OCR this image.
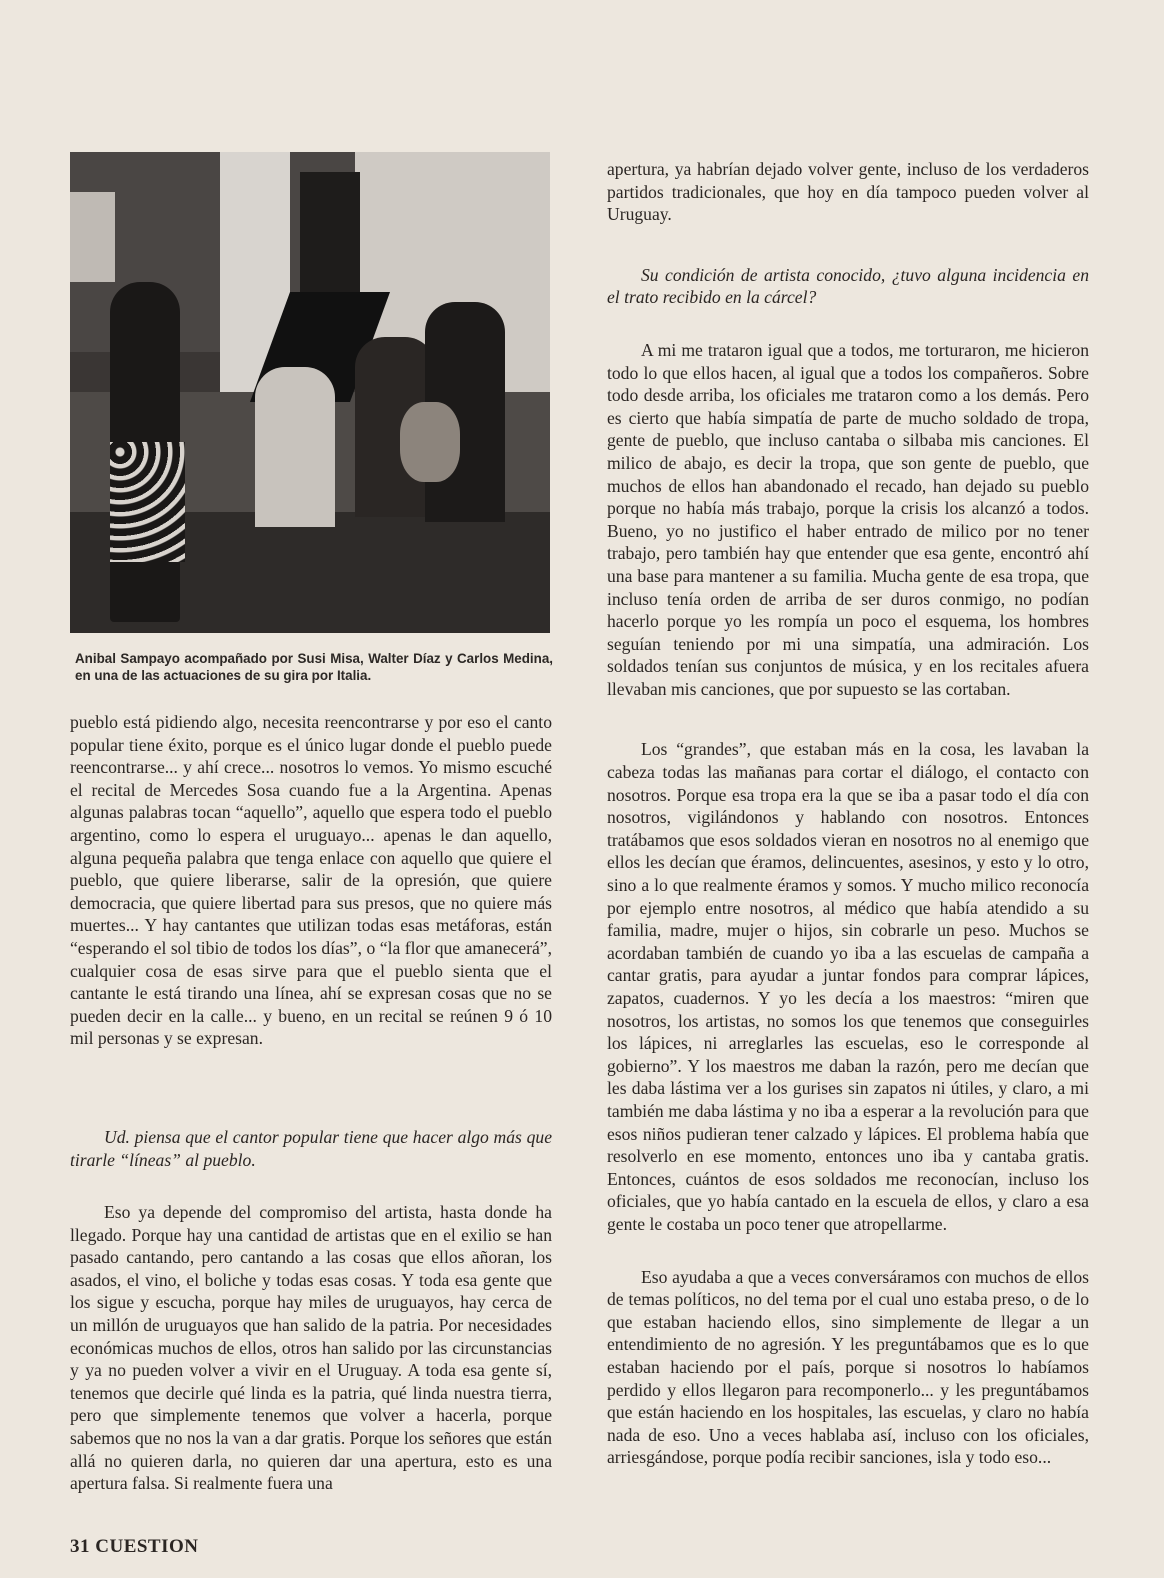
Anibal Sampayo acompañado por Susi Misa, Walter Díaz y Carlos Medina, en una de las actuaciones de su gira por Italia.

pueblo está pidiendo algo, necesita reencontrarse y por eso el canto popular tiene éxito, porque es el único lugar donde el pueblo puede reencontrarse... y ahí crece... nosotros lo vemos. Yo mismo escuché el recital de Mercedes Sosa cuando fue a la Argentina. Apenas algunas palabras tocan “aquello”, aquello que espera todo el pueblo argentino, como lo espera el uruguayo... apenas le dan aquello, alguna pequeña palabra que tenga enlace con aquello que quiere el pueblo, que quiere liberarse, salir de la opresión, que quiere democracia, que quiere libertad para sus presos, que no quiere más muertes... Y hay cantantes que utilizan todas esas metáforas, están “esperando el sol tibio de todos los días”, o “la flor que amanecerá”, cualquier cosa de esas sirve para que el pueblo sienta que el cantante le está tirando una línea, ahí se expresan cosas que no se pueden decir en la calle... y bueno, en un recital se reúnen 9 ó 10 mil personas y se expresan.

Ud. piensa que el cantor popular tiene que hacer algo más que tirarle “líneas” al pueblo.

Eso ya depende del compromiso del artista, hasta donde ha llegado. Porque hay una cantidad de artistas que en el exilio se han pasado cantando, pero cantando a las cosas que ellos añoran, los asados, el vino, el boliche y todas esas cosas. Y toda esa gente que los sigue y escucha, porque hay miles de uruguayos, hay cerca de un millón de uruguayos que han salido de la patria. Por necesidades económicas muchos de ellos, otros han salido por las circunstancias y ya no pueden volver a vivir en el Uruguay. A toda esa gente sí, tenemos que decirle qué linda es la patria, qué linda nuestra tierra, pero que simplemente tenemos que volver a hacerla, porque sabemos que no nos la van a dar gratis. Porque los señores que están allá no quieren darla, no quieren dar una apertura, esto es una apertura falsa. Si realmente fuera una

apertura, ya habrían dejado volver gente, incluso de los verdaderos partidos tradicionales, que hoy en día tampoco pueden volver al Uruguay.

Su condición de artista conocido, ¿tuvo alguna incidencia en el trato recibido en la cárcel?

A mi me trataron igual que a todos, me torturaron, me hicieron todo lo que ellos hacen, al igual que a todos los compañeros. Sobre todo desde arriba, los oficiales me trataron como a los demás. Pero es cierto que había simpatía de parte de mucho soldado de tropa, gente de pueblo, que incluso cantaba o silbaba mis canciones. El milico de abajo, es decir la tropa, que son gente de pueblo, que muchos de ellos han abandonado el recado, han dejado su pueblo porque no había más trabajo, porque la crisis los alcanzó a todos. Bueno, yo no justifico el haber entrado de milico por no tener trabajo, pero también hay que entender que esa gente, encontró ahí una base para mantener a su familia. Mucha gente de esa tropa, que incluso tenía orden de arriba de ser duros conmigo, no podían hacerlo porque yo les rompía un poco el esquema, los hombres seguían teniendo por mi una simpatía, una admiración. Los soldados tenían sus conjuntos de música, y en los recitales afuera llevaban mis canciones, que por supuesto se las cortaban.

Los “grandes”, que estaban más en la cosa, les lavaban la cabeza todas las mañanas para cortar el diálogo, el contacto con nosotros. Porque esa tropa era la que se iba a pasar todo el día con nosotros, vigilándonos y hablando con nosotros. Entonces tratábamos que esos soldados vieran en nosotros no al enemigo que ellos les decían que éramos, delincuentes, asesinos, y esto y lo otro, sino a lo que realmente éramos y somos. Y mucho milico reconocía por ejemplo entre nosotros, al médico que había atendido a su familia, madre, mujer o hijos, sin cobrarle un peso. Muchos se acordaban también de cuando yo iba a las escuelas de campaña a cantar gratis, para ayudar a juntar fondos para comprar lápices, zapatos, cuadernos. Y yo les decía a los maestros: “miren que nosotros, los artistas, no somos los que tenemos que conseguirles los lápices, ni arreglarles las escuelas, eso le corresponde al gobierno”. Y los maestros me daban la razón, pero me decían que les daba lástima ver a los gurises sin zapatos ni útiles, y claro, a mi también me daba lástima y no iba a esperar a la revolución para que esos niños pudieran tener calzado y lápices. El problema había que resolverlo en ese momento, entonces uno iba y cantaba gratis. Entonces, cuántos de esos soldados me reconocían, incluso los oficiales, que yo había cantado en la escuela de ellos, y claro a esa gente le costaba un poco tener que atropellarme.

Eso ayudaba a que a veces conversáramos con muchos de ellos de temas políticos, no del tema por el cual uno estaba preso, o de lo que estaban haciendo ellos, sino simplemente de llegar a un entendimiento de no agresión. Y les preguntábamos que es lo que estaban haciendo por el país, porque si nosotros lo habíamos perdido y ellos llegaron para recomponerlo... y les preguntábamos que están haciendo en los hospitales, las escuelas, y claro no había nada de eso. Uno a veces hablaba así, incluso con los oficiales, arriesgándose, porque podía recibir sanciones, isla y todo eso...

31 CUESTION
